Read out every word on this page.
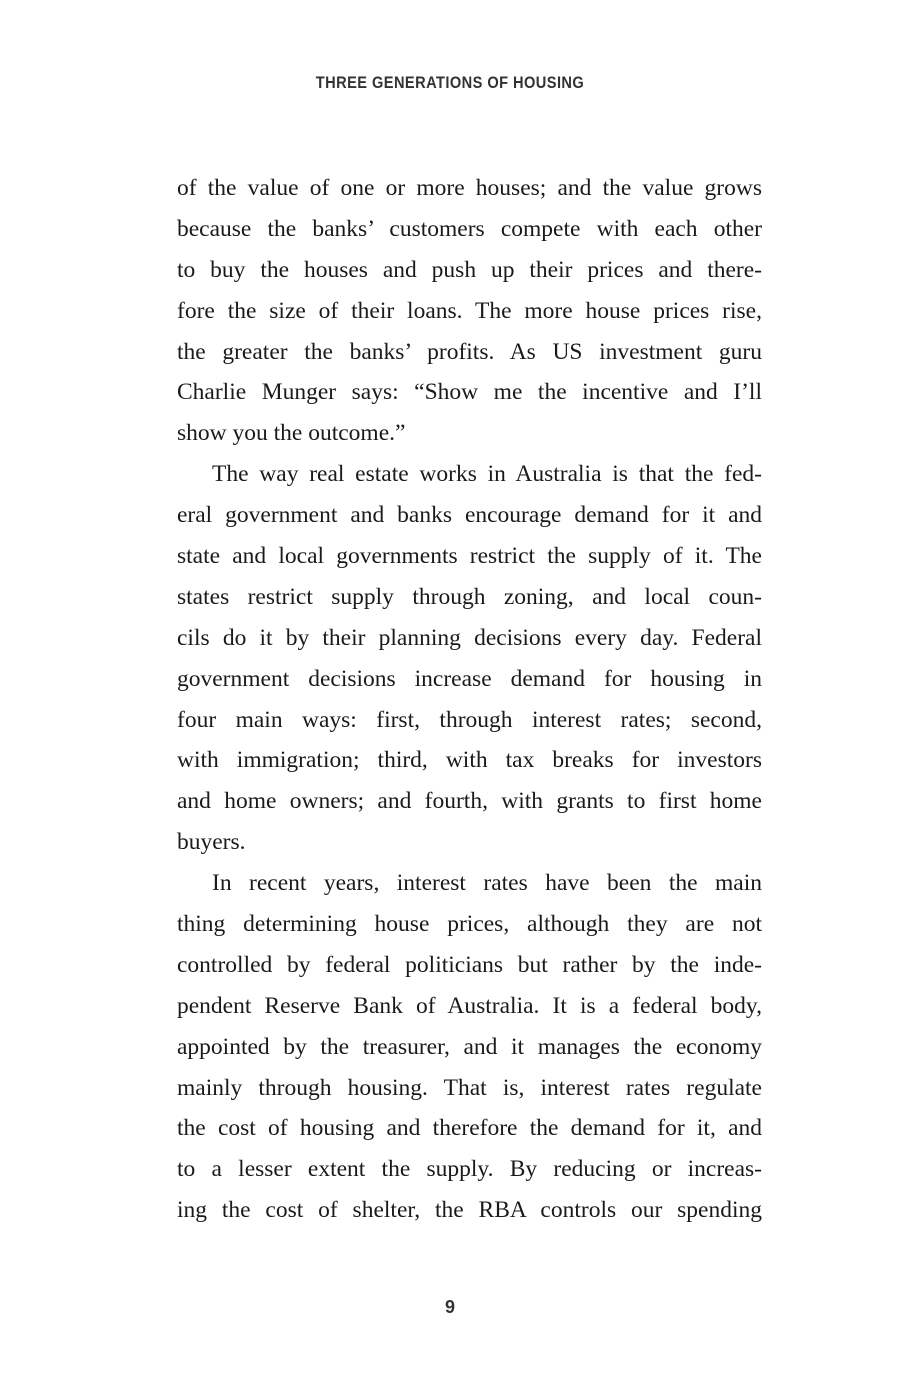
THREE GENERATIONS OF HOUSING
of the value of one or more houses; and the value grows
because the banks’ customers compete with each other
to buy the houses and push up their prices and there-
fore the size of their loans. The more house prices rise,
the greater the banks’ profits. As US investment guru
Charlie Munger says: “Show me the incentive and I’ll
show you the outcome.”
The way real estate works in Australia is that the fed-
eral government and banks encourage demand for it and
state and local governments restrict the supply of it. The
states restrict supply through zoning, and local coun-
cils do it by their planning decisions every day. Federal
government decisions increase demand for housing in
four main ways: first, through interest rates; second,
with immigration; third, with tax breaks for investors
and home owners; and fourth, with grants to first home
buyers.
In recent years, interest rates have been the main
thing determining house prices, although they are not
controlled by federal politicians but rather by the inde-
pendent Reserve Bank of Australia. It is a federal body,
appointed by the treasurer, and it manages the economy
mainly through housing. That is, interest rates regulate
the cost of housing and therefore the demand for it, and
to a lesser extent the supply. By reducing or increas-
ing the cost of shelter, the RBA controls our spending
9
